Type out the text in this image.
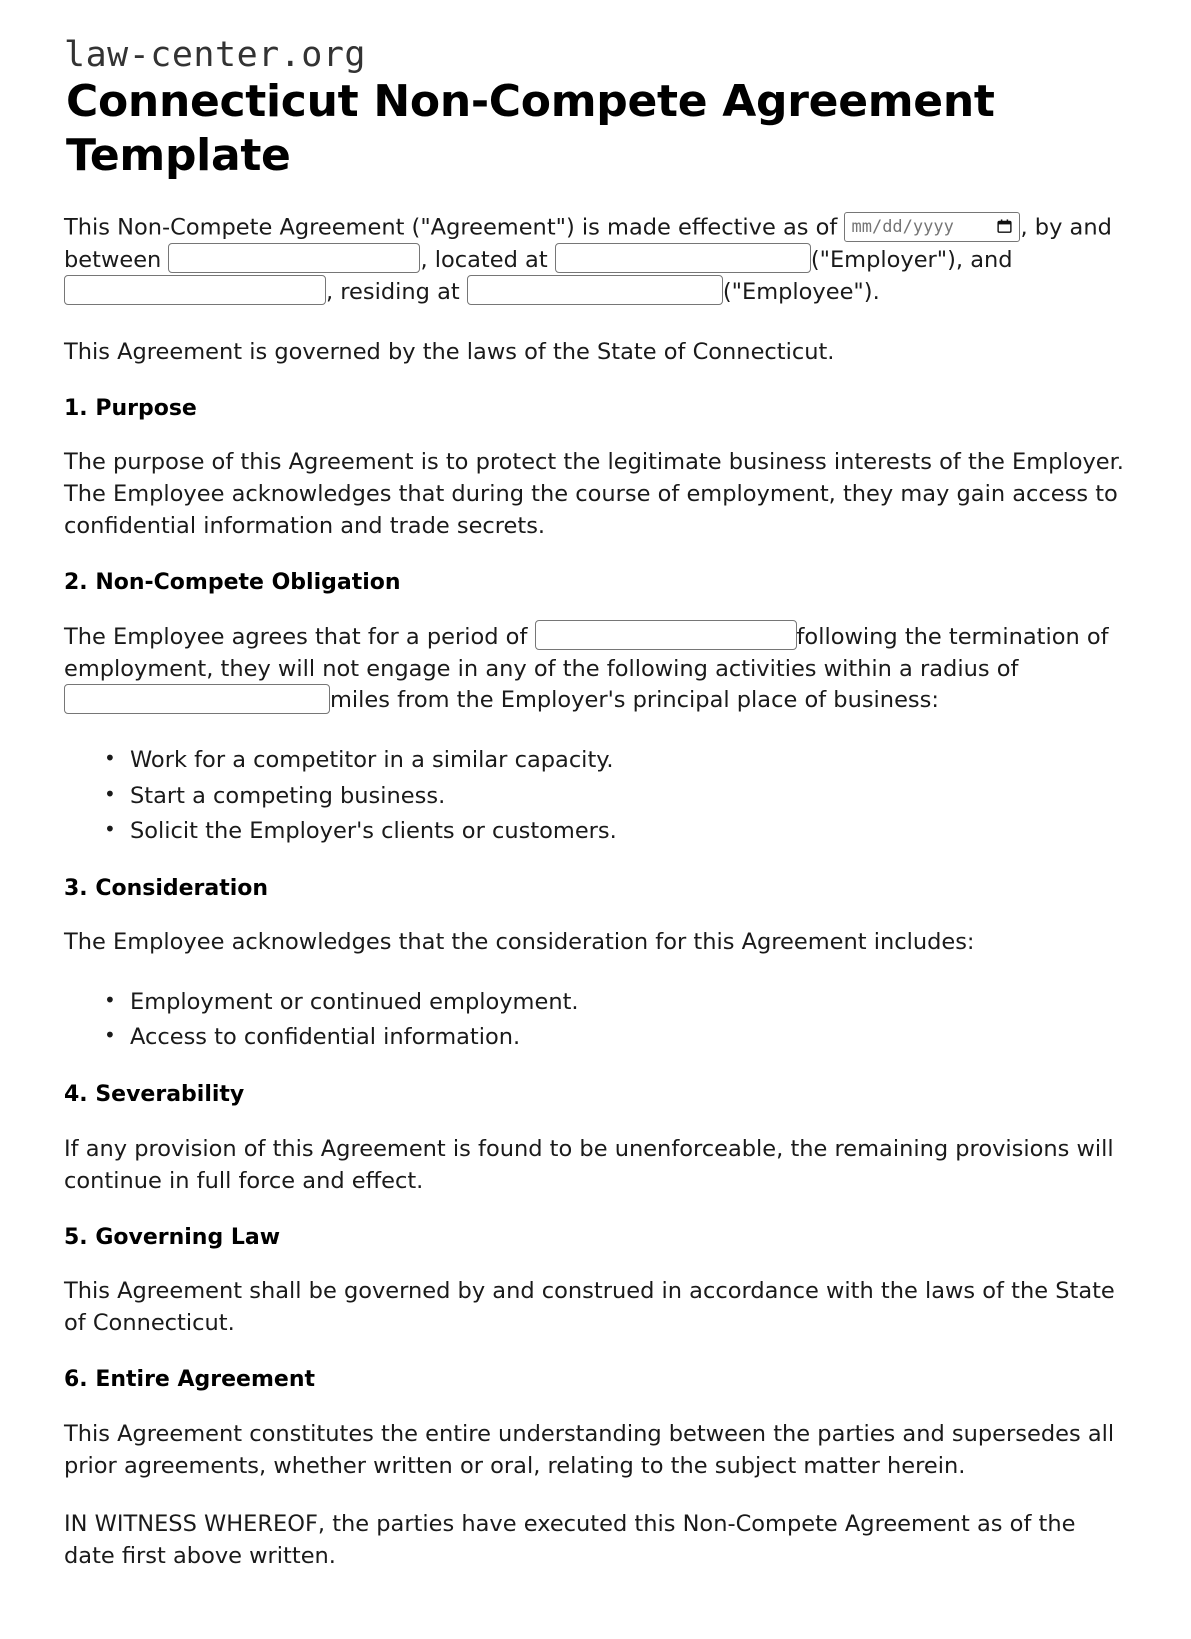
law-center.org
Connecticut Non-Compete Agreement Template

This Non-Compete Agreement ("Agreement") is made effective as of mm/dd/yyyy	, by and between	, located at	("Employer"), and , residing at	("Employee").

This Agreement is governed by the laws of the State of Connecticut.

1. Purpose

The purpose of this Agreement is to protect the legitimate business interests of the Employer. The Employee acknowledges that during the course of employment, they may gain access to confidential information and trade secrets.

2. Non-Compete Obligation

The Employee agrees that for a period of	following the termination of employment, they will not engage in any of the following activities within a radius of miles from the Employer's principal place of business:

• Work for a competitor in a similar capacity.
• Start a competing business.
• Solicit the Employer's clients or customers.
3. Consideration

The Employee acknowledges that the consideration for this Agreement includes:

• Employment or continued employment.
• Access to confidential information.
4. Severability

If any provision of this Agreement is found to be unenforceable, the remaining provisions will continue in full force and effect.

5. Governing Law

This Agreement shall be governed by and construed in accordance with the laws of the State of Connecticut.

6. Entire Agreement

This Agreement constitutes the entire understanding between the parties and supersedes all prior agreements, whether written or oral, relating to the subject matter herein.

IN WITNESS WHEREOF, the parties have executed this Non-Compete Agreement as of the date first above written.
